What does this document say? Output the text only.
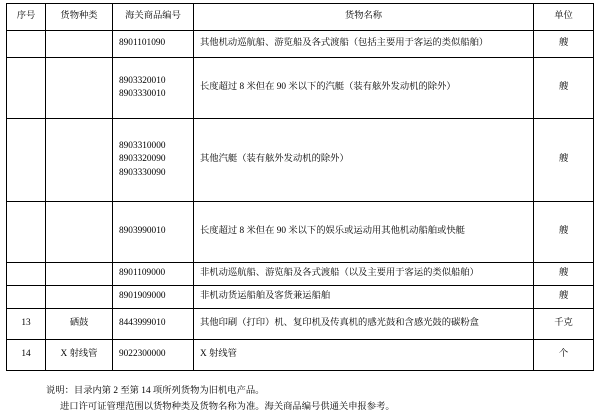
序号	货物种类	海关商品编号	货物名称	单位

		8901101090	其他机动巡航船、游览船及各式渡船（包括主要用于客运的类似船舶）	艘

		8903320010
8903330010	长度超过 8 米但在 90 米以下的汽艇（装有舷外发动机的除外）	艘

		8903310000
8903320090
8903330090	其他汽艇（装有舷外发动机的除外）	艘

		8903990010	长度超过 8 米但在 90 米以下的娱乐或运动用其他机动船舶或快艇	艘

		8901109000	非机动巡航船、游览船及各式渡船（以及主要用于客运的类似船舶）	艘

		8901909000	非机动货运船舶及客货兼运船舶	艘
13	硒鼓	8443999010	其他印刷（打印）机、复印机及传真机的感光鼓和含感光鼓的碳粉盒	千克
14	X 射线管	9022300000	X 射线管	个
说明：目录内第 2 至第 14 项所列货物为旧机电产品。
进口许可证管理范围以货物种类及货物名称为准。海关商品编号供通关申报参考。
